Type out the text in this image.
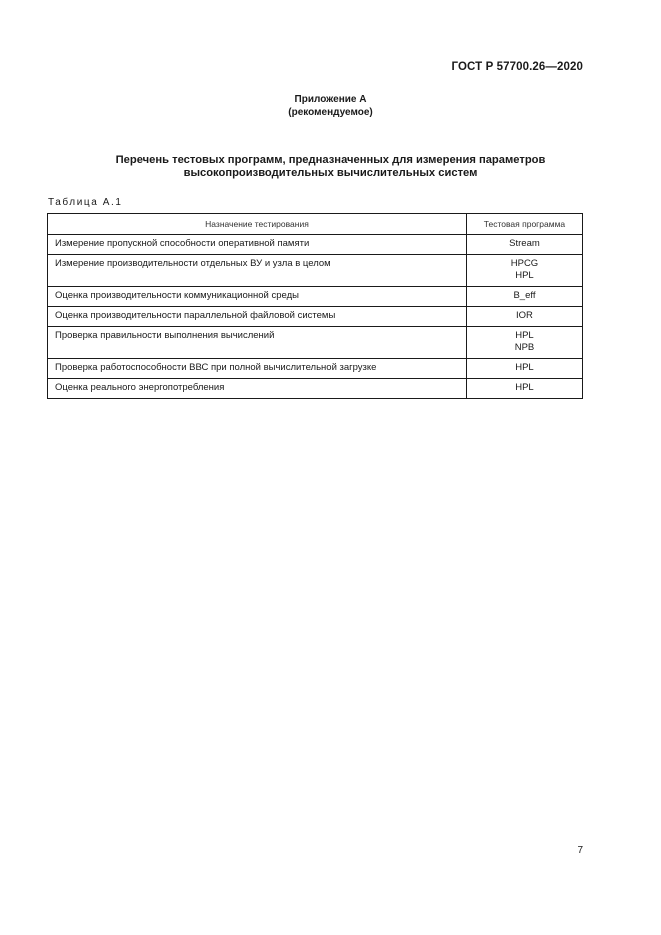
ГОСТ Р 57700.26—2020
Приложение А
(рекомендуемое)
Перечень тестовых программ, предназначенных для измерения параметров
высокопроизводительных вычислительных систем
Таблица А.1
Назначение тестирования	Тестовая программа
Измерение пропускной способности оперативной памяти	Stream

Измерение производительности отдельных ВУ и узла в целом	HPCG
HPL

Оценка производительности коммуникационной среды	B_eff

Оценка производительности параллельной файловой системы	IOR

Проверка правильности выполнения вычислений	HPL
NPB

Проверка работоспособности ВВС при полной вычислительной загрузке	HPL

Оценка реального энергопотребления	HPL
7
